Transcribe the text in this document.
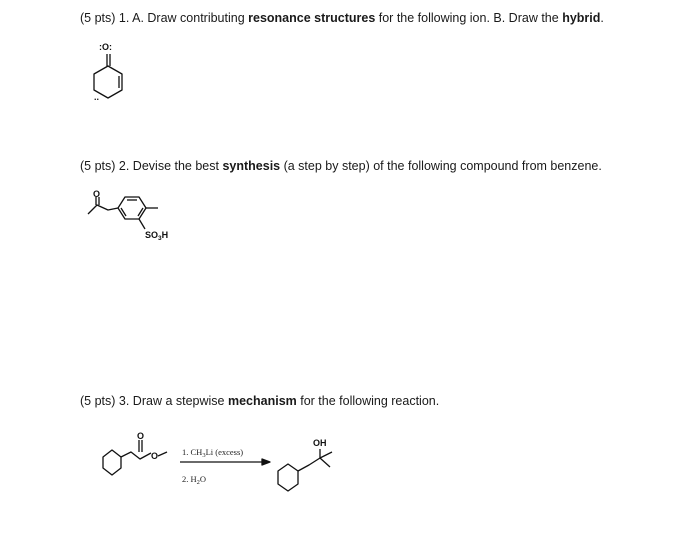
(5 pts) 1. A. Draw contributing resonance structures for the following ion. B. Draw the hybrid.
(5 pts) 2. Devise the best synthesis (a step by step) of the following compound from benzene.
(5 pts) 3. Draw a stepwise mechanism for the following reaction.
:O:
..
O
$SO_3H$
O
O
OH
1. $CH_3Li$ (excess)
2. $H_2O$
